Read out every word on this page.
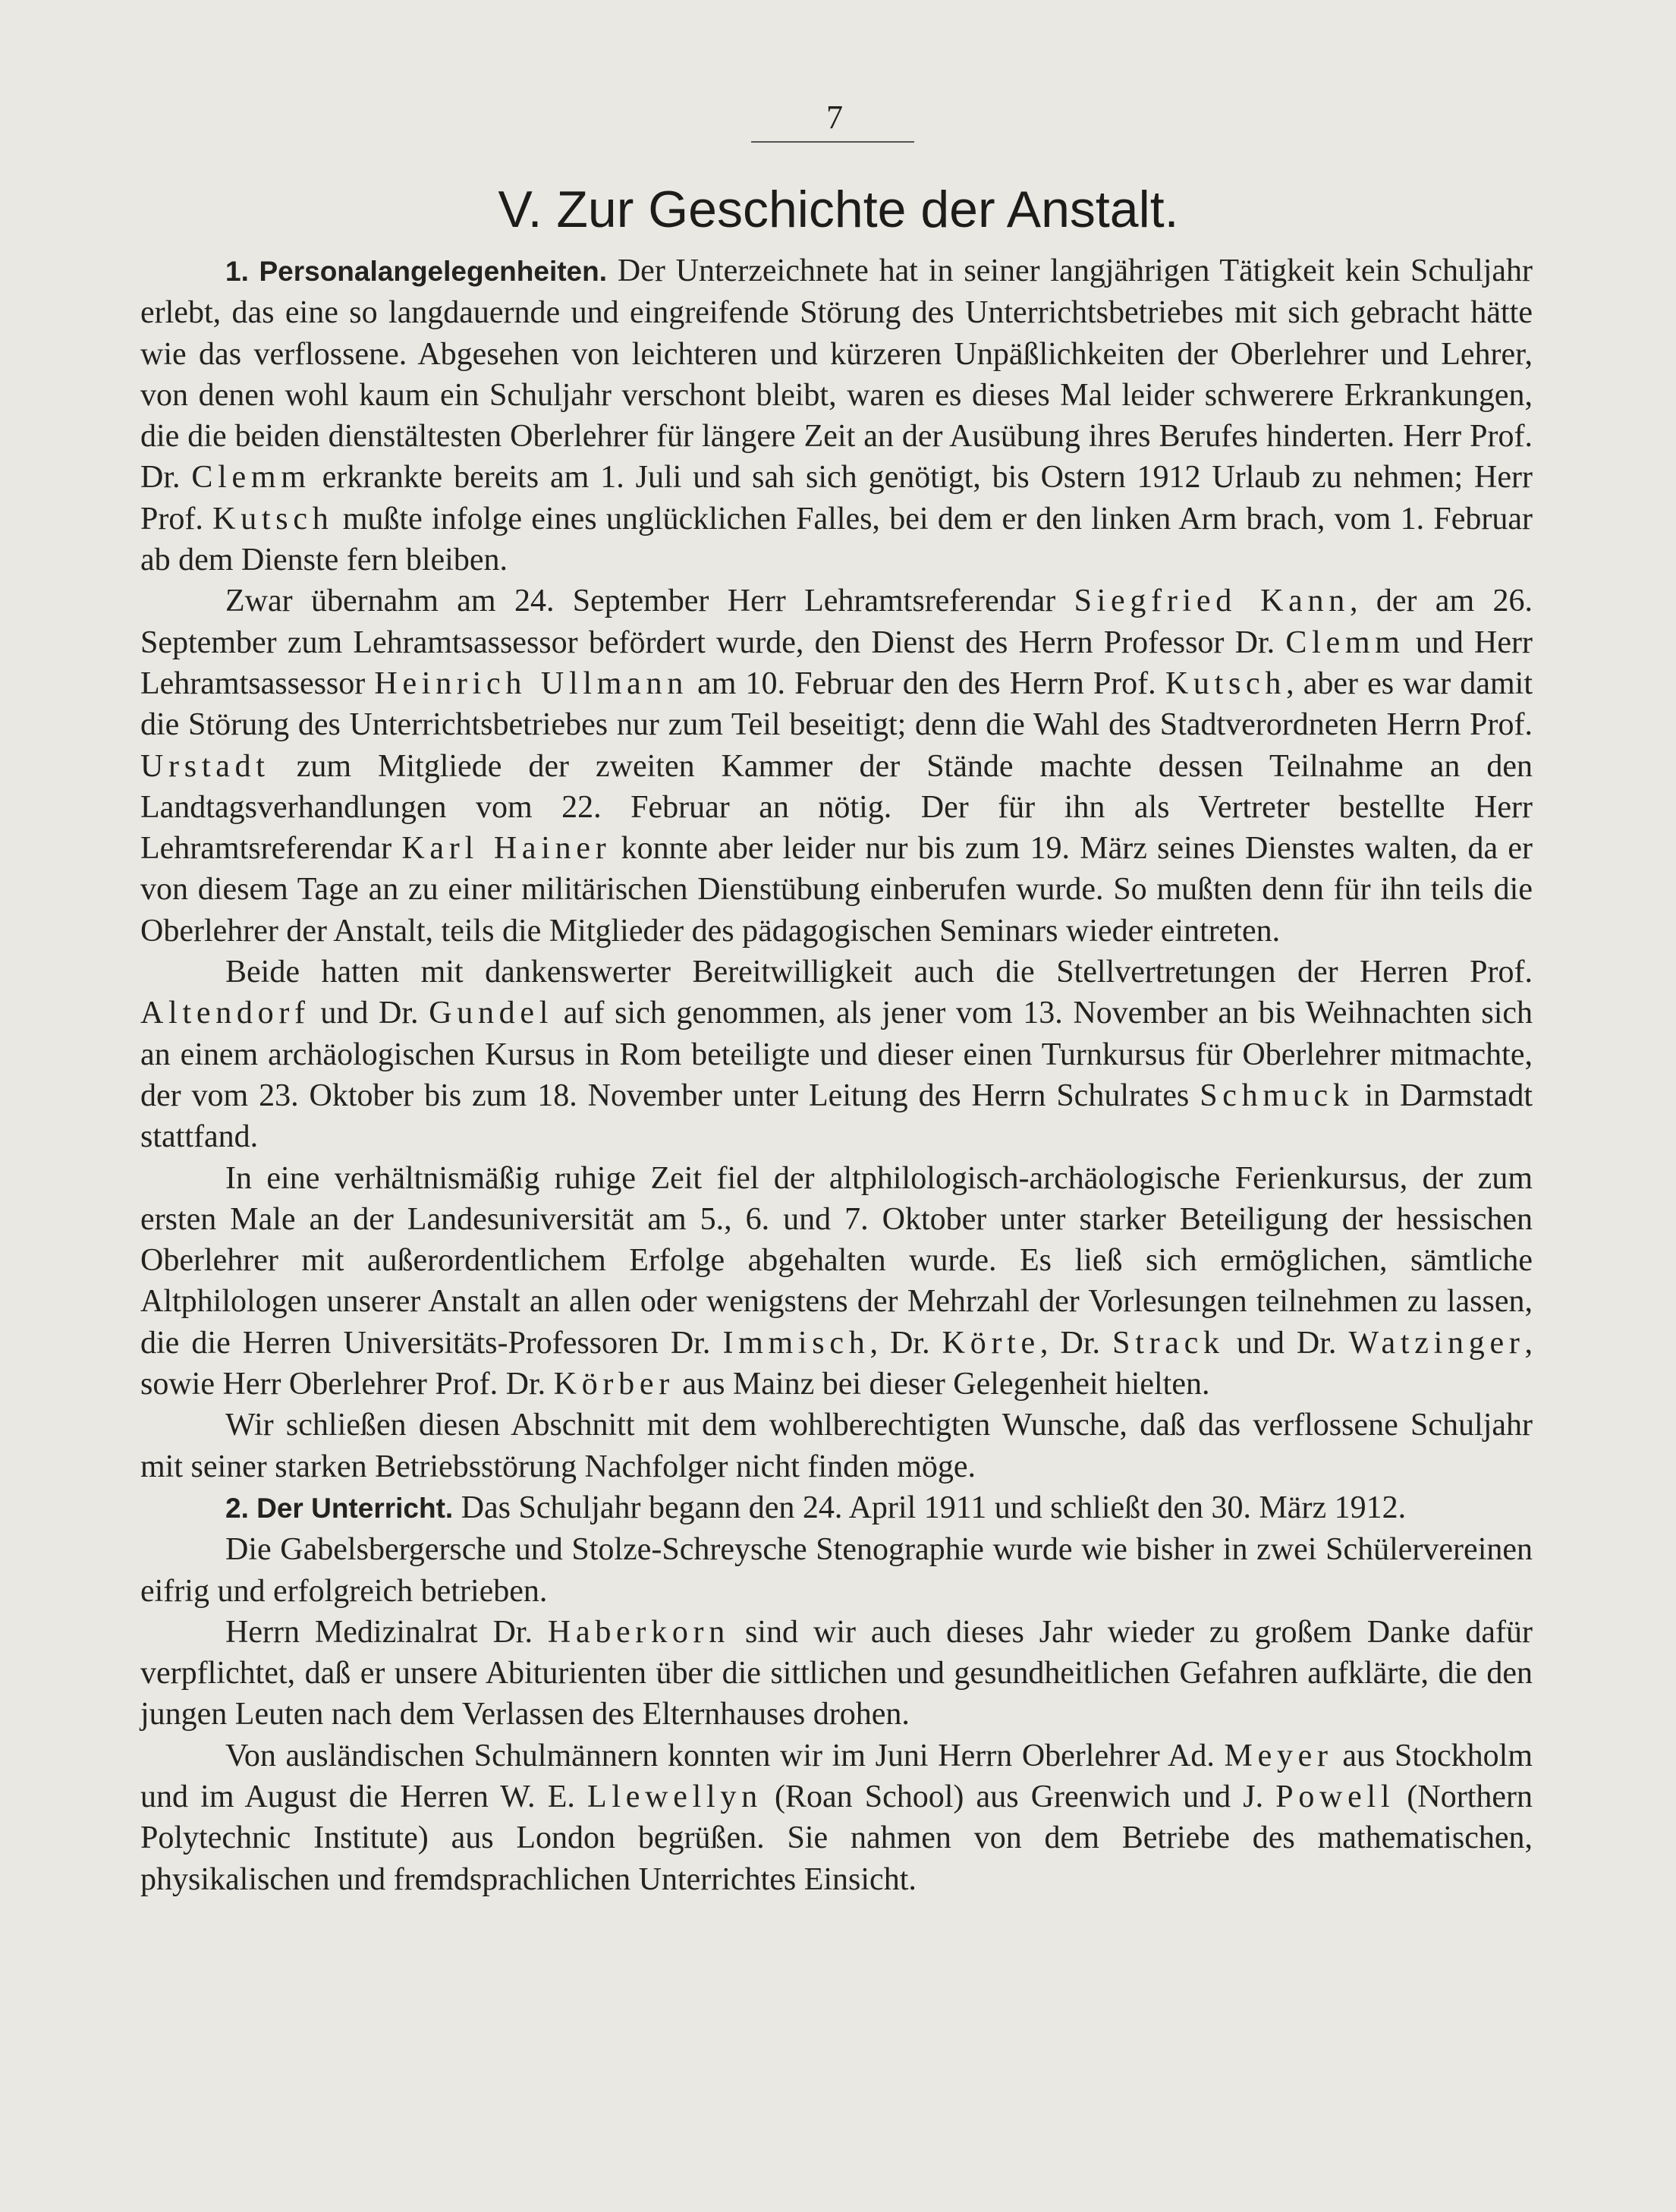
7
V. Zur Geschichte der Anstalt.

1. Personalangelegenheiten. Der Unterzeichnete hat in seiner langjährigen Tätigkeit kein Schuljahr erlebt, das eine so langdauernde und eingreifende Störung des Unterrichtsbetriebes mit sich gebracht hätte wie das verflossene. Abgesehen von leichteren und kürzeren Unpäßlichkeiten der Oberlehrer und Lehrer, von denen wohl kaum ein Schuljahr verschont bleibt, waren es dieses Mal leider schwerere Erkrankungen, die die beiden dienstältesten Oberlehrer für längere Zeit an der Ausübung ihres Berufes hinderten. Herr Prof. Dr. Clemm erkrankte bereits am 1. Juli und sah sich genötigt, bis Ostern 1912 Urlaub zu nehmen; Herr Prof. Kutsch mußte infolge eines unglücklichen Falles, bei dem er den linken Arm brach, vom 1. Februar ab dem Dienste fern bleiben.

Zwar übernahm am 24. September Herr Lehramtsreferendar Siegfried Kann, der am 26. September zum Lehramtsassessor befördert wurde, den Dienst des Herrn Professor Dr. Clemm und Herr Lehramtsassessor Heinrich Ullmann am 10. Februar den des Herrn Prof. Kutsch, aber es war damit die Störung des Unterrichtsbetriebes nur zum Teil beseitigt; denn die Wahl des Stadtverordneten Herrn Prof. Urstadt zum Mitgliede der zweiten Kammer der Stände machte dessen Teilnahme an den Landtagsverhandlungen vom 22. Februar an nötig. Der für ihn als Vertreter bestellte Herr Lehramtsreferendar Karl Hainer konnte aber leider nur bis zum 19. März seines Dienstes walten, da er von diesem Tage an zu einer militärischen Dienstübung einberufen wurde. So mußten denn für ihn teils die Oberlehrer der Anstalt, teils die Mitglieder des pädagogischen Seminars wieder eintreten.

Beide hatten mit dankenswerter Bereitwilligkeit auch die Stellvertretungen der Herren Prof. Altendorf und Dr. Gundel auf sich genommen, als jener vom 13. November an bis Weihnachten sich an einem archäologischen Kursus in Rom beteiligte und dieser einen Turnkursus für Oberlehrer mitmachte, der vom 23. Oktober bis zum 18. November unter Leitung des Herrn Schulrates Schmuck in Darmstadt stattfand.

In eine verhältnismäßig ruhige Zeit fiel der altphilologisch-archäologische Ferienkursus, der zum ersten Male an der Landesuniversität am 5., 6. und 7. Oktober unter starker Beteiligung der hessischen Oberlehrer mit außerordentlichem Erfolge abgehalten wurde. Es ließ sich ermöglichen, sämtliche Altphilologen unserer Anstalt an allen oder wenigstens der Mehrzahl der Vorlesungen teilnehmen zu lassen, die die Herren Universitäts-Professoren Dr. Immisch, Dr. Körte, Dr. Strack und Dr. Watzinger, sowie Herr Oberlehrer Prof. Dr. Körber aus Mainz bei dieser Gelegenheit hielten.

Wir schließen diesen Abschnitt mit dem wohlberechtigten Wunsche, daß das verflossene Schuljahr mit seiner starken Betriebsstörung Nachfolger nicht finden möge.

2. Der Unterricht. Das Schuljahr begann den 24. April 1911 und schließt den 30. März 1912.

Die Gabelsbergersche und Stolze-Schreysche Stenographie wurde wie bisher in zwei Schülervereinen eifrig und erfolgreich betrieben.

Herrn Medizinalrat Dr. Haberkorn sind wir auch dieses Jahr wieder zu großem Danke dafür verpflichtet, daß er unsere Abiturienten über die sittlichen und gesundheitlichen Gefahren aufklärte, die den jungen Leuten nach dem Verlassen des Elternhauses drohen.

Von ausländischen Schulmännern konnten wir im Juni Herrn Oberlehrer Ad. Meyer aus Stockholm und im August die Herren W. E. Llewellyn (Roan School) aus Greenwich und J. Powell (Northern Polytechnic Institute) aus London begrüßen. Sie nahmen von dem Betriebe des mathematischen, physikalischen und fremdsprachlichen Unterrichtes Einsicht.
